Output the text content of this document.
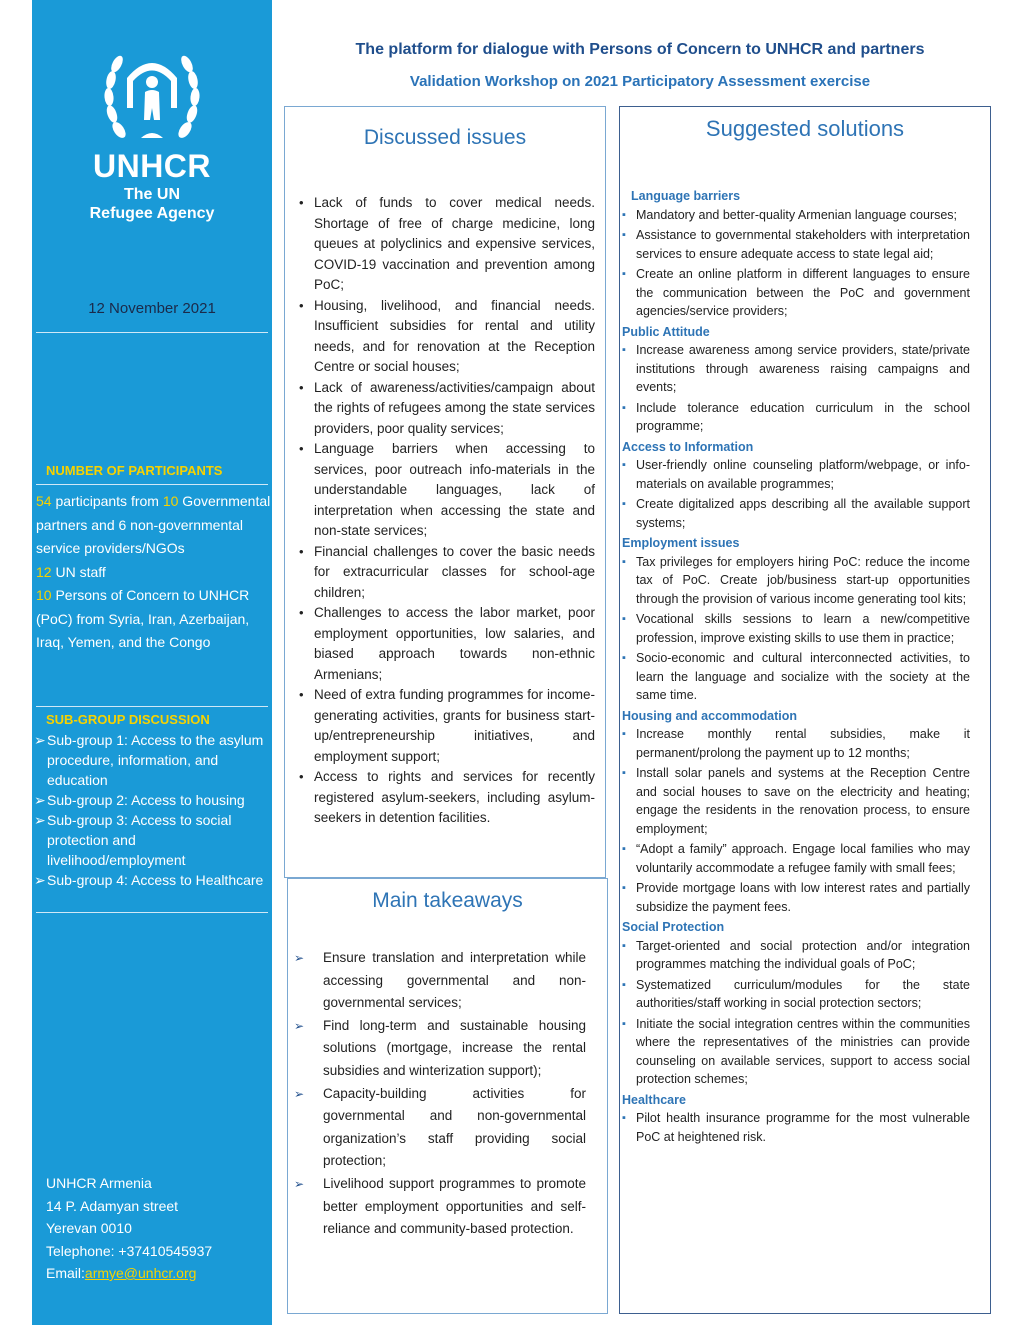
UNHCR
The UN
Refugee Agency
12 November 2021
NUMBER OF PARTICIPANTS
54 participants from 10 Governmental partners and 6 non-governmental service providers/NGOs
12 UN staff
10 Persons of Concern to UNHCR (PoC) from Syria, Iran, Azerbaijan, Iraq, Yemen, and the Congo
SUB-GROUP DISCUSSION
➢ Sub-group 1: Access to the asylum procedure, information, and education
➢ Sub-group 2: Access to housing
➢ Sub-group 3: Access to social protection and livelihood/employment
➢ Sub-group 4: Access to Healthcare
UNHCR Armenia
14 P. Adamyan street
Yerevan 0010
Telephone: +37410545937
Email:armye@unhcr.org
The platform for dialogue with Persons of Concern to UNHCR and partners
Validation Workshop on 2021 Participatory Assessment exercise
Discussed issues
• Lack of funds to cover medical needs. Shortage of free of charge medicine, long queues at polyclinics and expensive services, COVID-19 vaccination and prevention among PoC;
• Housing, livelihood, and financial needs. Insufficient subsidies for rental and utility needs, and for renovation at the Reception Centre or social houses;
• Lack of awareness/activities/campaign about the rights of refugees among the state services providers, poor quality services;
• Language barriers when accessing to services, poor outreach info-materials in the understandable languages, lack of interpretation when accessing the state and non-state services;
• Financial challenges to cover the basic needs for extracurricular classes for school-age children;
• Challenges to access the labor market, poor employment opportunities, low salaries, and biased approach towards non-ethnic Armenians;
• Need of extra funding programmes for income-generating activities, grants for business start-up/entrepreneurship initiatives, and employment support;
• Access to rights and services for recently registered asylum-seekers, including asylum-seekers in detention facilities.
Main takeaways
➢ Ensure translation and interpretation while accessing governmental and non-governmental services;
➢ Find long-term and sustainable housing solutions (mortgage, increase the rental subsidies and winterization support);
➢ Capacity-building activities for governmental and non-governmental organization’s staff providing social protection;
➢ Livelihood support programmes to promote better employment opportunities and self-reliance and community-based protection.
Suggested solutions
Language barriers
▪ Mandatory and better-quality Armenian language courses;
▪ Assistance to governmental stakeholders with interpretation services to ensure adequate access to state legal aid;
▪ Create an online platform in different languages to ensure the communication between the PoC and government agencies/service providers;
Public Attitude
▪ Increase awareness among service providers, state/private institutions through awareness raising campaigns and events;
▪ Include tolerance education curriculum in the school programme;
Access to Information
▪ User-friendly online counseling platform/webpage, or info-materials on available programmes;
▪ Create digitalized apps describing all the available support systems;
Employment issues
▪ Tax privileges for employers hiring PoC: reduce the income tax of PoC. Create job/business start-up opportunities through the provision of various income generating tool kits;
▪ Vocational skills sessions to learn a new/competitive profession, improve existing skills to use them in practice;
▪ Socio-economic and cultural interconnected activities, to learn the language and socialize with the society at the same time.
Housing and accommodation
▪ Increase monthly rental subsidies, make it permanent/prolong the payment up to 12 months;
▪ Install solar panels and systems at the Reception Centre and social houses to save on the electricity and heating; engage the residents in the renovation process, to ensure employment;
▪ “Adopt a family” approach. Engage local families who may voluntarily accommodate a refugee family with small fees;
▪ Provide mortgage loans with low interest rates and partially subsidize the payment fees.
Social Protection
▪ Target-oriented and social protection and/or integration programmes matching the individual goals of PoC;
▪ Systematized curriculum/modules for the state authorities/staff working in social protection sectors;
▪ Initiate the social integration centres within the communities where the representatives of the ministries can provide counseling on available services, support to access social protection schemes;
Healthcare
▪ Pilot health insurance programme for the most vulnerable PoC at heightened risk.
